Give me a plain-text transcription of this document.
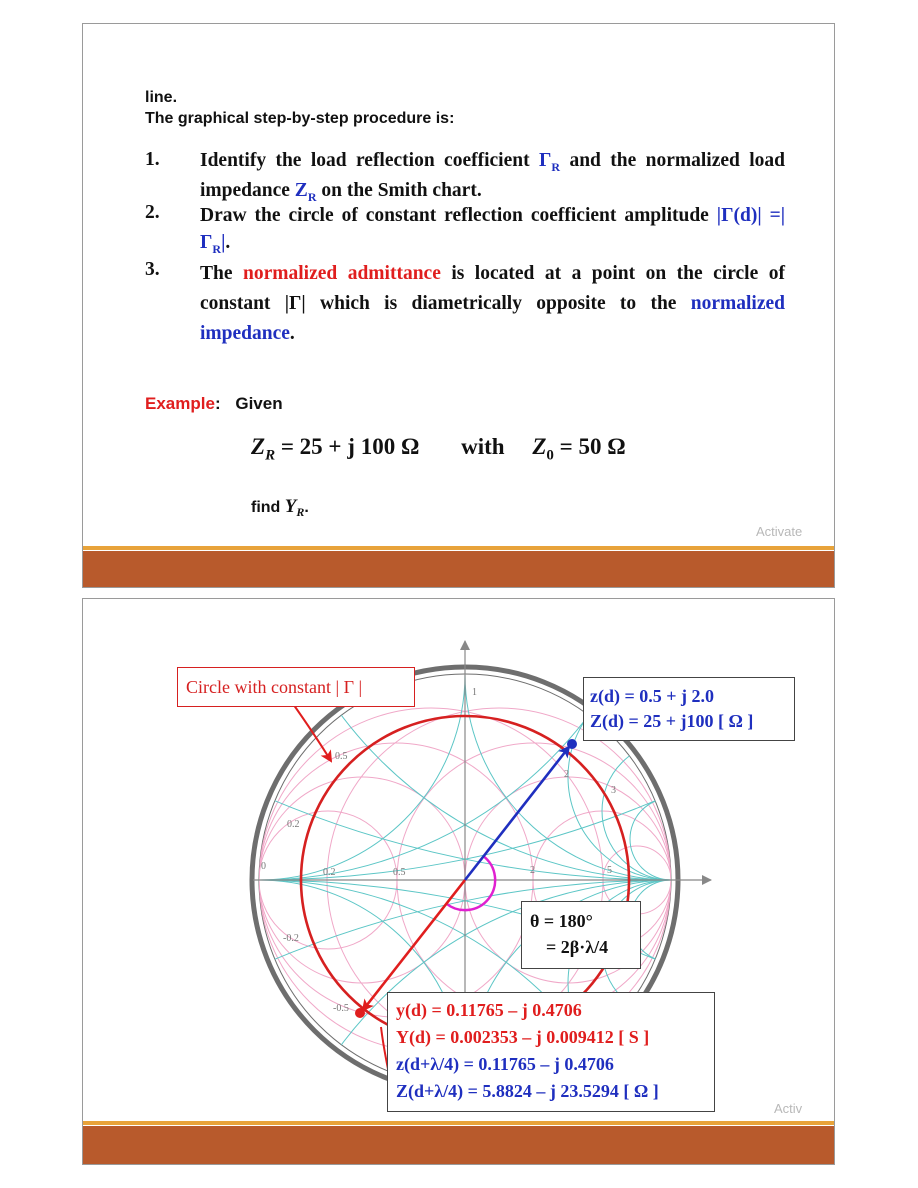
line.
The graphical step-by-step procedure is:
1. Identify the load reflection coefficient $\Gamma_R$ and the normalized load impedance $Z_R$ on the Smith chart.
2. Draw the circle of constant reflection coefficient amplitude $|\Gamma(d)| =|\Gamma_R|$.
3. The normalized admittance is located at a point on the circle of constant |Γ| which is diametrically opposite to the normalized impedance.
Example: Given
$Z_R = 25 + j$ 100 Ω with $Z_0 = 50$ Ω
find $Y_R$.
Activate
1
0
0.2	0.5	2	5
0.2
-0.2
0.5
-0.5
2
3
Circle with constant | Γ |	z(d) = 0.5 + j 2.0
Z(d) = 25 + j100 [ Ω ]
θ = 180°
= 2β·λ/4
y(d) = 0.11765 – j 0.4706
Y(d) = 0.002353 – j 0.009412 [ S ]
z(d+λ/4) = 0.11765 – j 0.4706
Z(d+λ/4) = 5.8824 – j 23.5294 [ Ω ]
Activ
